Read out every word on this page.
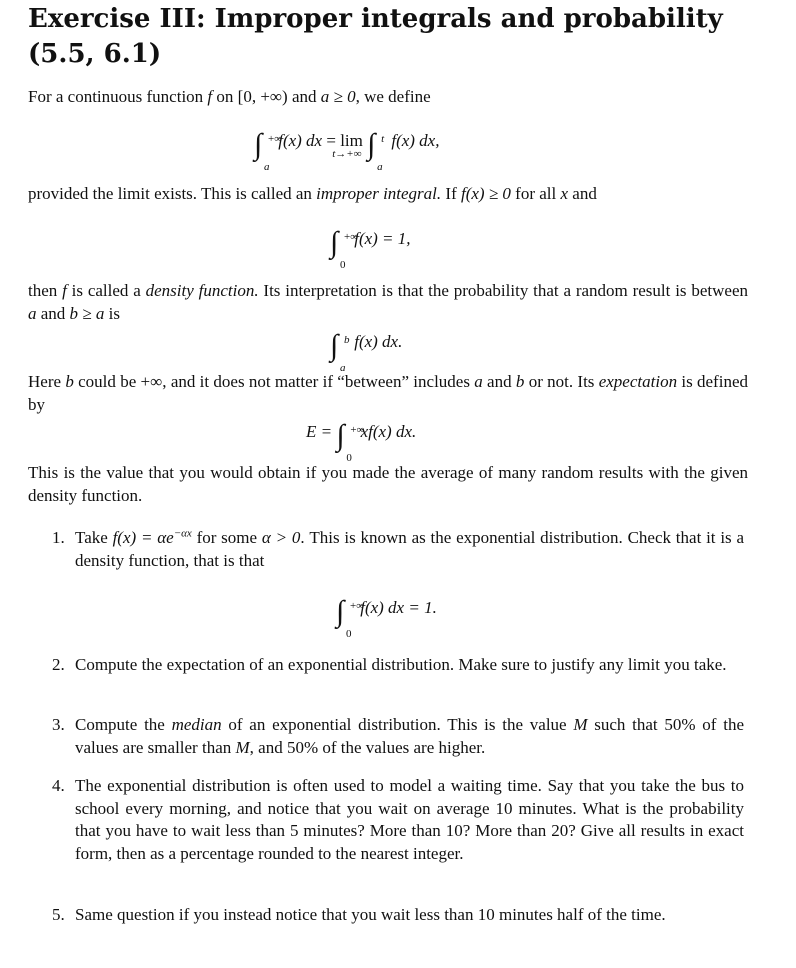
Exercise III: Improper integrals and probability (5.5, 6.1)

For a continuous function f on [0, +∞) and a ≥ 0, we define

∫ +∞
a
f(x) dx = lim
t→+∞ ∫ t
a
f(x) dx,

provided the limit exists. This is called an improper integral. If f(x) ≥ 0 for all x and

∫ +∞
0
f(x) = 1,

then f is called a density function. Its interpretation is that the probability that a random result is between a and b ≥ a is

∫ b
a
f(x) dx.

Here b could be +∞, and it does not matter if “between” includes a and b or not. Its expectation is defined by

E = ∫ +∞
0
xf(x) dx.

This is the value that you would obtain if you made the average of many random results with the given density function.

1. Take $f(x) = \alpha e^{-\alpha x}$ for some α > 0. This is known as the exponential distribution. Check that it is a density function, that is that
∫ +∞
0
f(x) dx = 1.
2. Compute the expectation of an exponential distribution. Make sure to justify any limit you take.
3. Compute the median of an exponential distribution. This is the value M such that 50% of the values are smaller than M, and 50% of the values are higher.
4. The exponential distribution is often used to model a waiting time. Say that you take the bus to school every morning, and notice that you wait on average 10 minutes. What is the probability that you have to wait less than 5 minutes? More than 10? More than 20? Give all results in exact form, then as a percentage rounded to the nearest integer.
5. Same question if you instead notice that you wait less than 10 minutes half of the time.
